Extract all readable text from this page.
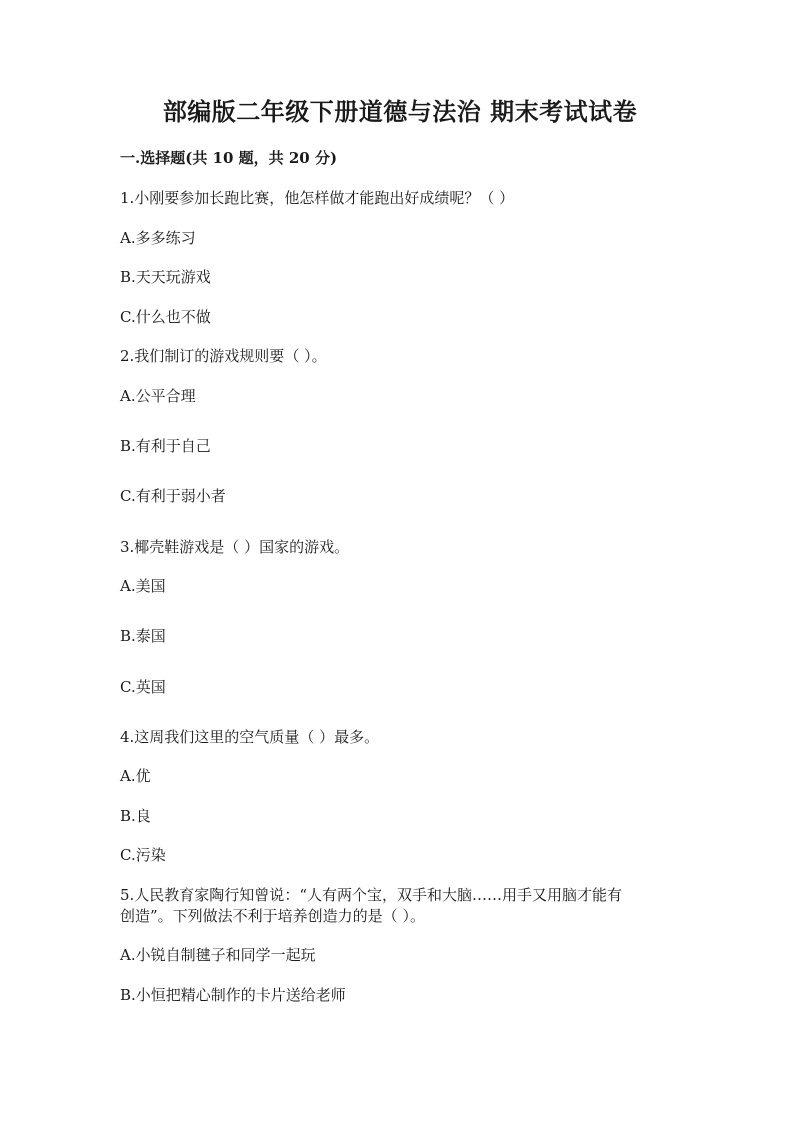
部编版二年级下册道德与法治 期末考试试卷
一.选择题(共 10 题，共 20 分)
1.小刚要参加长跑比赛，他怎样做才能跑出好成绩呢？（ ）
A.多多练习
B.天天玩游戏
C.什么也不做
2.我们制订的游戏规则要（ ）。
A.公平合理
B.有利于自己
C.有利于弱小者
3.椰壳鞋游戏是（ ）国家的游戏。
A.美国
B.泰国
C.英国
4.这周我们这里的空气质量（ ）最多。
A.优
B.良
C.污染
5.人民教育家陶行知曾说：“人有两个宝，双手和大脑……用手又用脑才能有
创造”。下列做法不利于培养创造力的是（ ）。
A.小锐自制毽子和同学一起玩
B.小恒把精心制作的卡片送给老师
